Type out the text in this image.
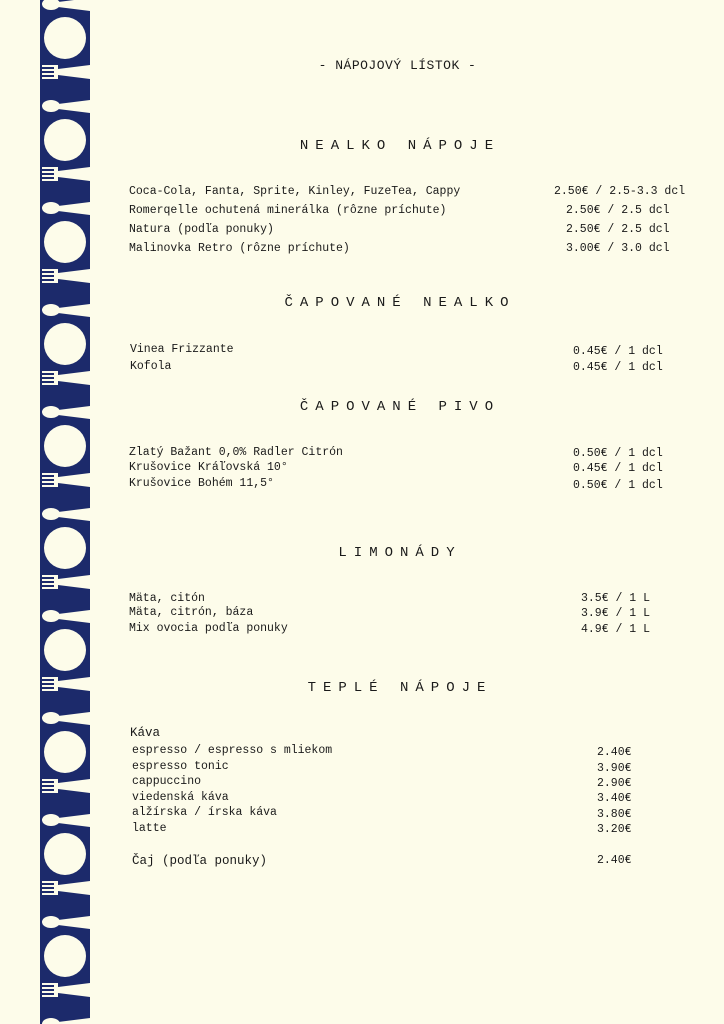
- NÁPOJOVÝ LÍSTOK -
NEALKO NÁPOJE
Coca-Cola, Fanta, Sprite, Kinley, FuzeTea, Cappy	2.50€ / 2.5-3.3 dcl
Romerqelle ochutená minerálka (rôzne príchute)	2.50€ / 2.5 dcl
Natura (podľa ponuky)	2.50€ / 2.5 dcl
Malinovka Retro (rôzne príchute)	3.00€ / 3.0 dcl
ČAPOVANÉ NEALKO
Vinea Frizzante	0.45€ / 1 dcl
Kofola	0.45€ / 1 dcl
ČAPOVANÉ PIVO
Zlatý Bažant 0,0% Radler Citrón	0.50€ / 1 dcl
Krušovice Kráľovská 10°	0.45€ / 1 dcl
Krušovice Bohém 11,5°	0.50€ / 1 dcl
LIMONÁDY
Mäta, citón	3.5€ / 1 L
Mäta, citrón, báza	3.9€ / 1 L
Mix ovocia podľa ponuky	4.9€ / 1 L
TEPLÉ NÁPOJE
Káva
espresso / espresso s mliekom	2.40€
espresso tonic	3.90€
cappuccino	2.90€
viedenská káva	3.40€
alžírska / írska káva	3.80€
latte	3.20€
Čaj (podľa ponuky)	2.40€
